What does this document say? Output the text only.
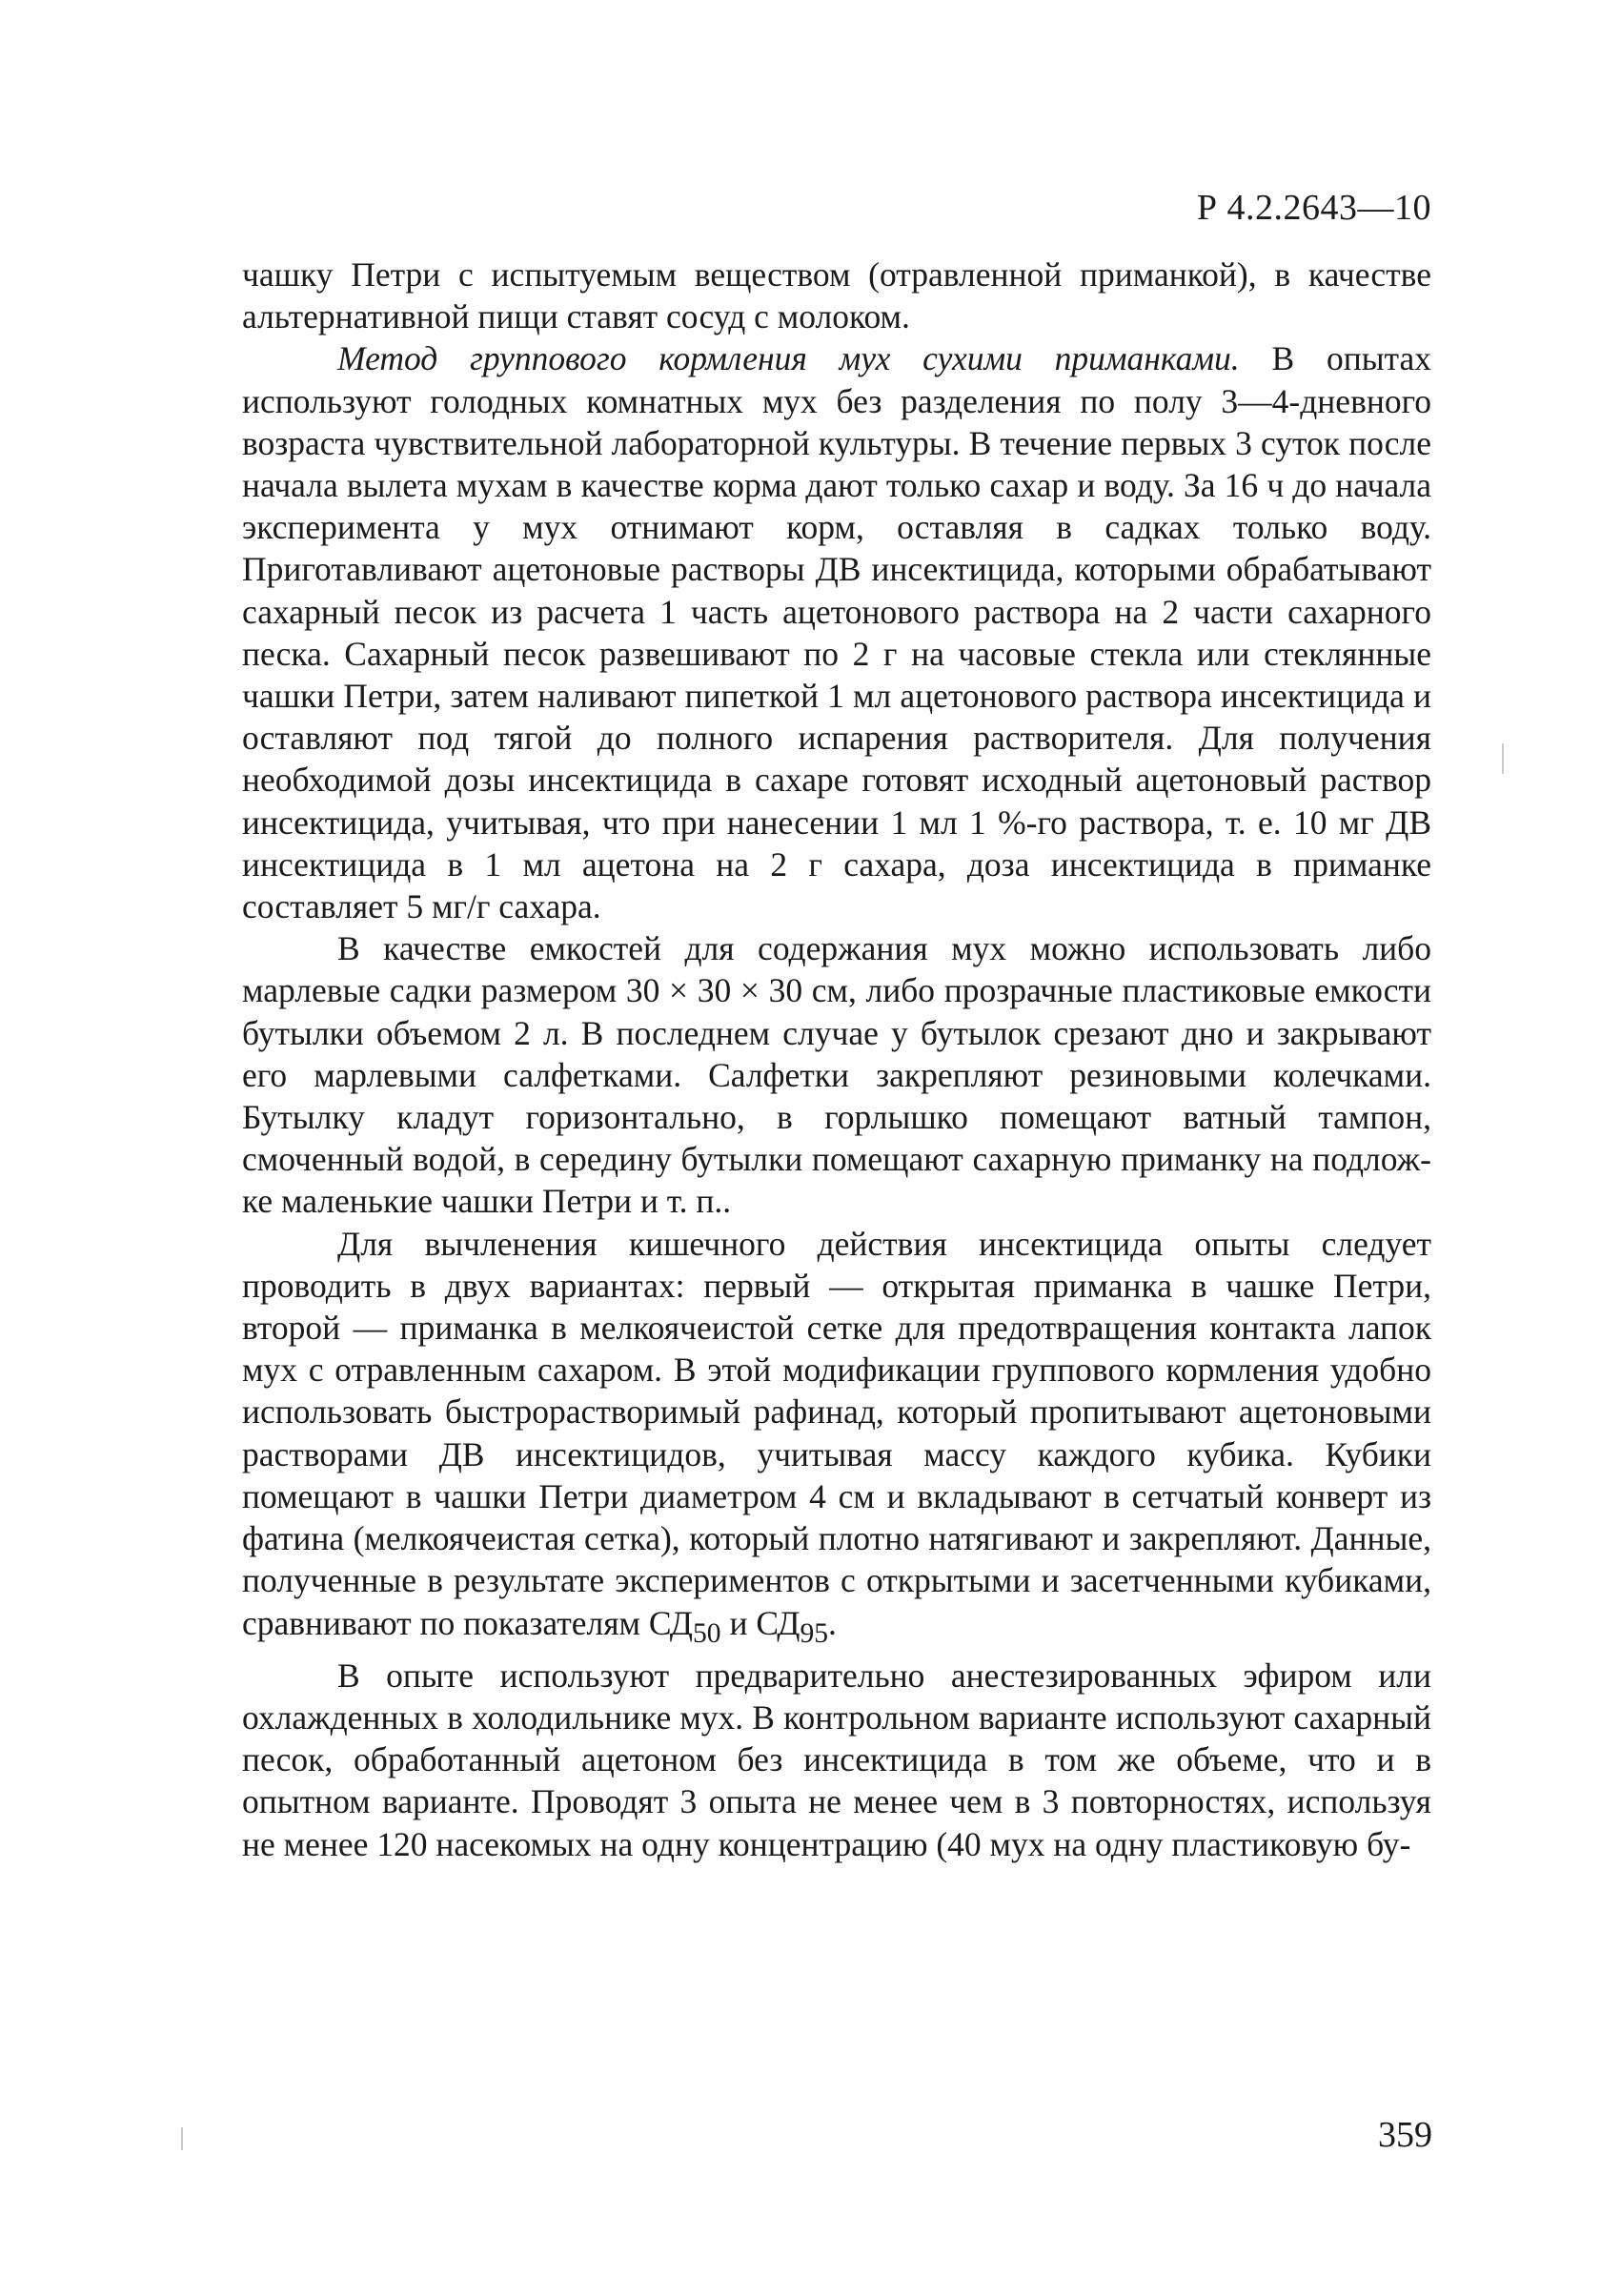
Р 4.2.2643—10

чашку Петри с испытуемым веществом (отравленной приманкой), в качестве альтернативной пищи ставят сосуд с молоком.

Метод группового кормления мух сухими приманками. В опытах используют голодных комнатных мух без разделения по полу 3—4-дневного возраста чувствительной лабораторной культуры. В течение первых 3 суток после начала вылета мухам в качестве корма дают только сахар и воду. За 16 ч до начала эксперимента у мух отнимают корм, оставляя в садках только воду. Приготавливают ацетоновые растворы ДВ инсектицида, которыми обрабатывают сахарный песок из расчета 1 часть ацетонового раствора на 2 части сахарного песка. Сахарный песок развешивают по 2 г на часовые стекла или стеклянные чашки Петри, затем наливают пипеткой 1 мл ацетонового раствора инсектицида и оставляют под тягой до полного испарения растворителя. Для получения необходимой дозы инсектицида в сахаре готовят исходный ацетоновый раствор инсектицида, учитывая, что при нанесении 1 мл 1 %-го раствора, т. е. 10 мг ДВ инсектицида в 1 мл ацетона на 2 г сахара, доза инсектицида в приманке составляет 5 мг/г сахара.

В качестве емкостей для содержания мух можно использовать либо марлевые садки размером 30 × 30 × 30 см, либо прозрачные пластиковые емкости бутылки объемом 2 л. В последнем случае у бутылок срезают дно и закрывают его марлевыми салфетками. Салфетки закрепляют резиновыми колечками. Бутылку кладут горизонтально, в горлышко помещают ватный тампон, смоченный водой, в середину бутылки помещают сахарную приманку на подложке маленькие чашки Петри и т. п..

Для вычленения кишечного действия инсектицида опыты следует проводить в двух вариантах: первый — открытая приманка в чашке Петри, второй — приманка в мелкоячеистой сетке для предотвращения контакта лапок мух с отравленным сахаром. В этой модификации группового кормления удобно использовать быстрорастворимый рафинад, который пропитывают ацетоновыми растворами ДВ инсектицидов, учитывая массу каждого кубика. Кубики помещают в чашки Петри диаметром 4 см и вкладывают в сетчатый конверт из фатина (мелкоячеистая сетка), который плотно натягивают и закрепляют. Данные, полученные в результате экспериментов с открытыми и засетченными кубиками, сравнивают по показателям $СД_{50}$ и $СД_{95}$.

В опыте используют предварительно анестезированных эфиром или охлажденных в холодильнике мух. В контрольном варианте используют сахарный песок, обработанный ацетоном без инсектицида в том же объеме, что и в опытном варианте. Проводят 3 опыта не менее чем в 3 повторностях, используя не менее 120 насекомых на одну концентрацию (40 мух на одну пластиковую бу-

359
